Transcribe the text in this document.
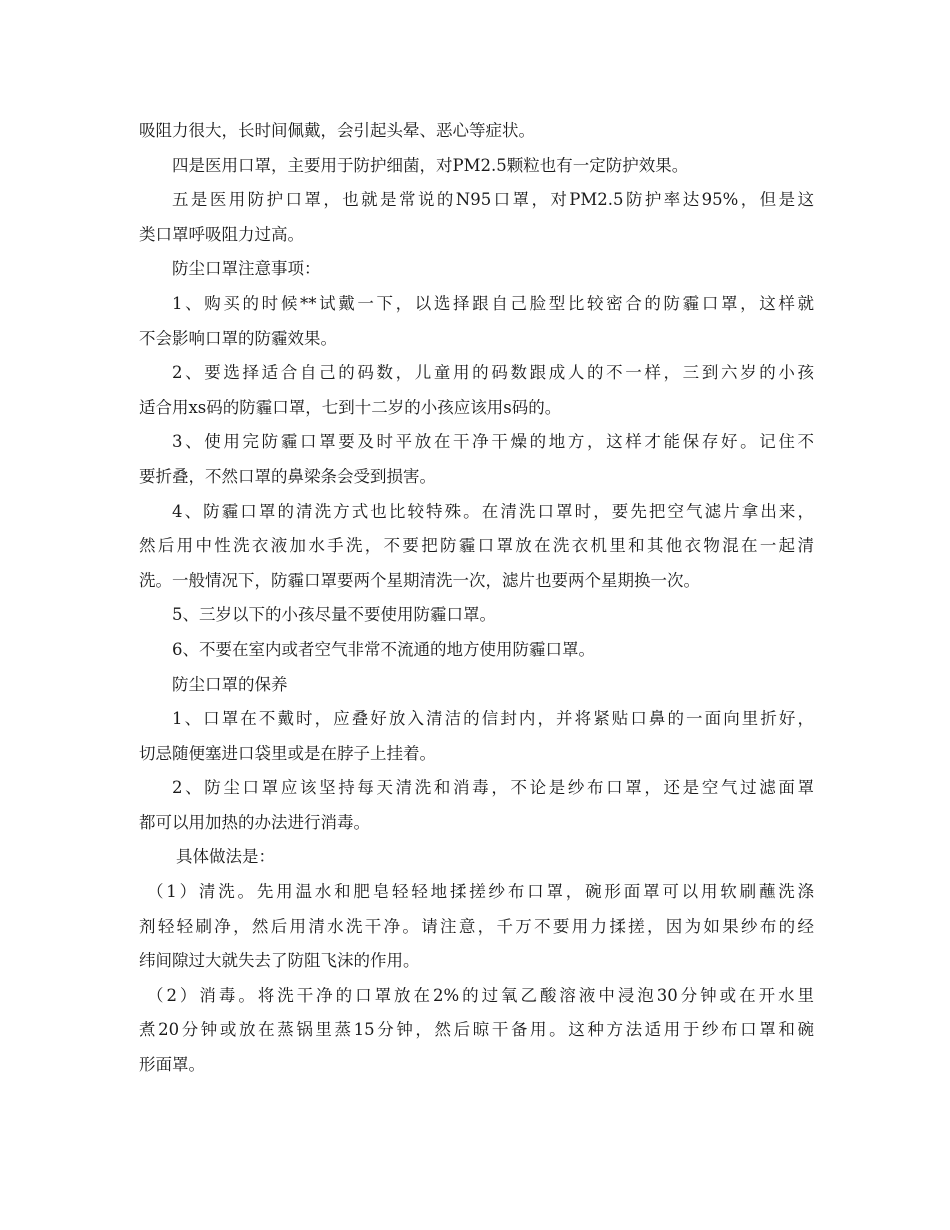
吸阻力很大，长时间佩戴，会引起头晕、恶心等症状。
四是医用口罩，主要用于防护细菌，对PM2.5颗粒也有一定防护效果。
五是医用防护口罩，也就是常说的N95口罩，对PM2.5防护率达95%，但是这
类口罩呼吸阻力过高。
防尘口罩注意事项：
1、购买的时候**试戴一下，以选择跟自己脸型比较密合的防霾口罩，这样就
不会影响口罩的防霾效果。
2、要选择适合自己的码数，儿童用的码数跟成人的不一样，三到六岁的小孩
适合用xs码的防霾口罩，七到十二岁的小孩应该用s码的。
3、使用完防霾口罩要及时平放在干净干燥的地方，这样才能保存好。记住不
要折叠，不然口罩的鼻梁条会受到损害。
4、防霾口罩的清洗方式也比较特殊。在清洗口罩时，要先把空气滤片拿出来，
然后用中性洗衣液加水手洗，不要把防霾口罩放在洗衣机里和其他衣物混在一起清
洗。一般情况下，防霾口罩要两个星期清洗一次，滤片也要两个星期换一次。
5、三岁以下的小孩尽量不要使用防霾口罩。
6、不要在室内或者空气非常不流通的地方使用防霾口罩。
防尘口罩的保养
1、口罩在不戴时，应叠好放入清洁的信封内，并将紧贴口鼻的一面向里折好，
切忌随便塞进口袋里或是在脖子上挂着。
2、防尘口罩应该坚持每天清洗和消毒，不论是纱布口罩，还是空气过滤面罩
都可以用加热的办法进行消毒。
具体做法是：
（1）清洗。先用温水和肥皂轻轻地揉搓纱布口罩，碗形面罩可以用软刷蘸洗涤
剂轻轻刷净，然后用清水洗干净。请注意，千万不要用力揉搓，因为如果纱布的经
纬间隙过大就失去了防阻飞沫的作用。
（2）消毒。将洗干净的口罩放在2%的过氧乙酸溶液中浸泡30分钟或在开水里
煮20分钟或放在蒸锅里蒸15分钟，然后晾干备用。这种方法适用于纱布口罩和碗
形面罩。
